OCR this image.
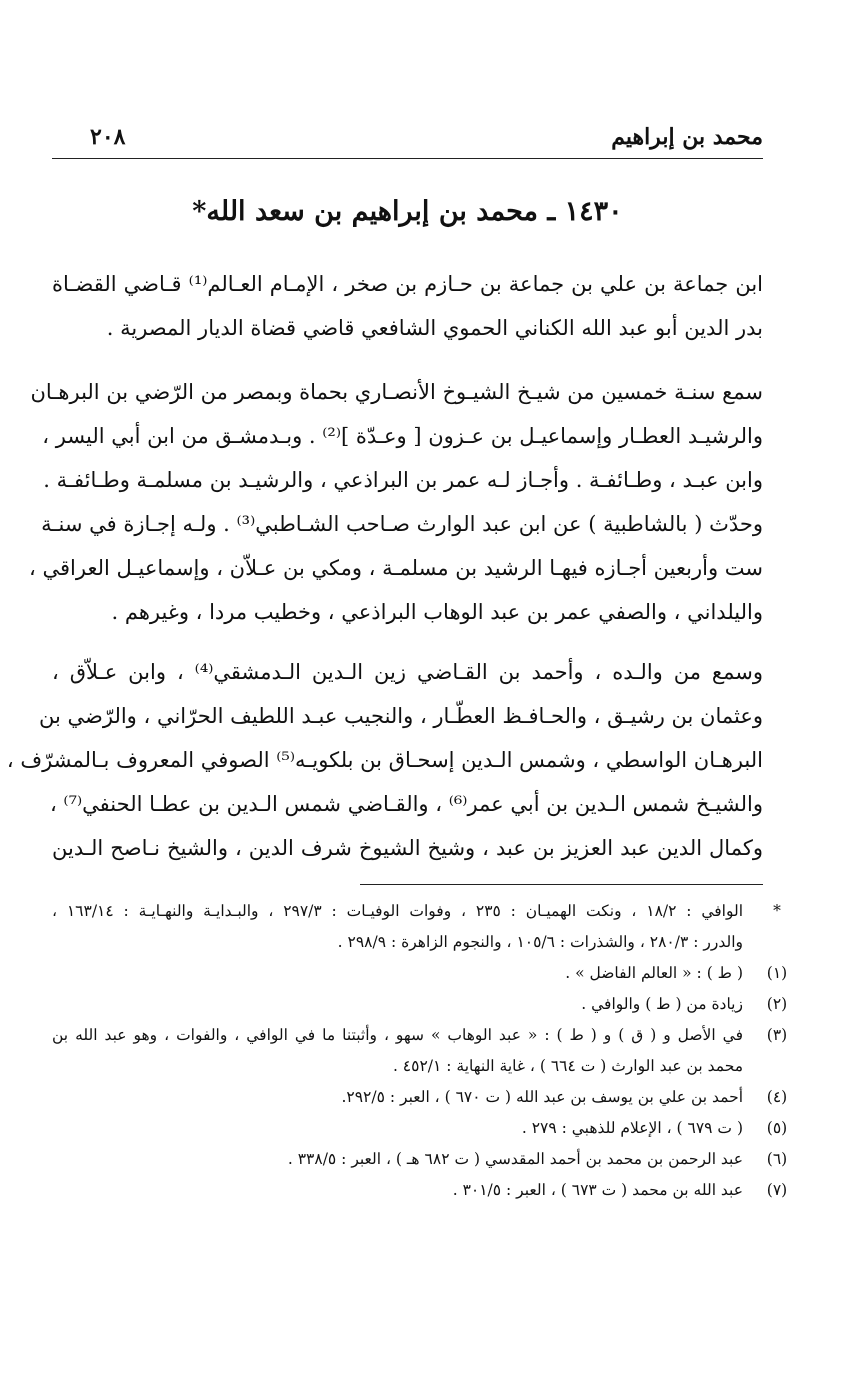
محمد بن إبراهيم
٢٠٨
١٤٣٠ ـ محمد بن إبراهيم بن سعد الله*
ابن جماعة بن علي بن جماعة بن حـازم بن صخر ، الإمـام العـالم⁽¹⁾ قـاضي القضـاة
بدر الدين أبو عبد الله الكناني الحموي الشافعي قاضي قضاة الديار المصرية .
سمع سنـة خمسين من شيـخ الشيـوخ الأنصـاري بحماة وبمصر من الرّضي بن البرهـان
والرشيـد العطـار وإسماعيـل بن عـزون [ وعـدّة ]⁽²⁾ . وبـدمشـق من ابن أبي اليسر ،
وابن عبـد ، وطـائفـة . وأجـاز لـه عمر بن البراذعي ، والرشيـد بن مسلمـة وطـائفـة .
وحدّث ( بالشاطبية ) عن ابن عبد الوارث صـاحب الشـاطبي⁽³⁾ . ولـه إجـازة في سنـة
ست وأربعين أجـازه فيهـا الرشيد بن مسلمـة ، ومكي بن عـلاّن ، وإسماعيـل العراقي ،
واليلداني ، والصفي عمر بن عبد الوهاب البراذعي ، وخطيب مردا ، وغيرهم .
وسمع من والـده ، وأحمد بن القـاضي زين الـدين الـدمشقي⁽⁴⁾ ، وابن عـلاّق ،
وعثمان بن رشيـق ، والحـافـظ العطّـار ، والنجيب عبـد اللطيف الحرّاني ، والرّضي بن
البرهـان الواسطي ، وشمس الـدين إسحـاق بن بلكويـه⁽⁵⁾ الصوفي المعروف بـالمشرّف ،
والشيـخ شمس الـدين بن أبي عمر⁽⁶⁾ ، والقـاضي شمس الـدين بن عطـا الحنفي⁽⁷⁾ ،
وكمال الدين عبد العزيز بن عبد ، وشيخ الشيوخ شرف الدين ، والشيخ نـاصح الـدين
*
الوافي : ١٨/٢ ، ونكت الهميـان : ٢٣٥ ، وفوات الوفيـات : ٢٩٧/٣ ، والبـدايـة والنهـايـة : ١٦٣/١٤ ،
والدرر : ٢٨٠/٣ ، والشذرات : ١٠٥/٦ ، والنجوم الزاهرة : ٢٩٨/٩ .
(١)
( ط ) : « العالم الفاضل » .
(٢)
زيادة من ( ط ) والوافي .
(٣)
في الأصل و ( ق ) و ( ط ) : « عبد الوهاب » سهو ، وأثبتنا ما في الوافي ، والفوات ، وهو عبد الله بن
محمد بن عبد الوارث ( ت ٦٦٤ ) ، غاية النهاية : ٤٥٢/١ .
(٤)
أحمد بن علي بن يوسف بن عبد الله ( ت ٦٧٠ ) ، العبر : ٢٩٢/٥.
(٥)
( ت ٦٧٩ ) ، الإعلام للذهبي : ٢٧٩ .
(٦)
عبد الرحمن بن محمد بن أحمد المقدسي ( ت ٦٨٢ هـ ) ، العبر : ٣٣٨/٥ .
(٧)
عبد الله بن محمد ( ت ٦٧٣ ) ، العبر : ٣٠١/٥ .
